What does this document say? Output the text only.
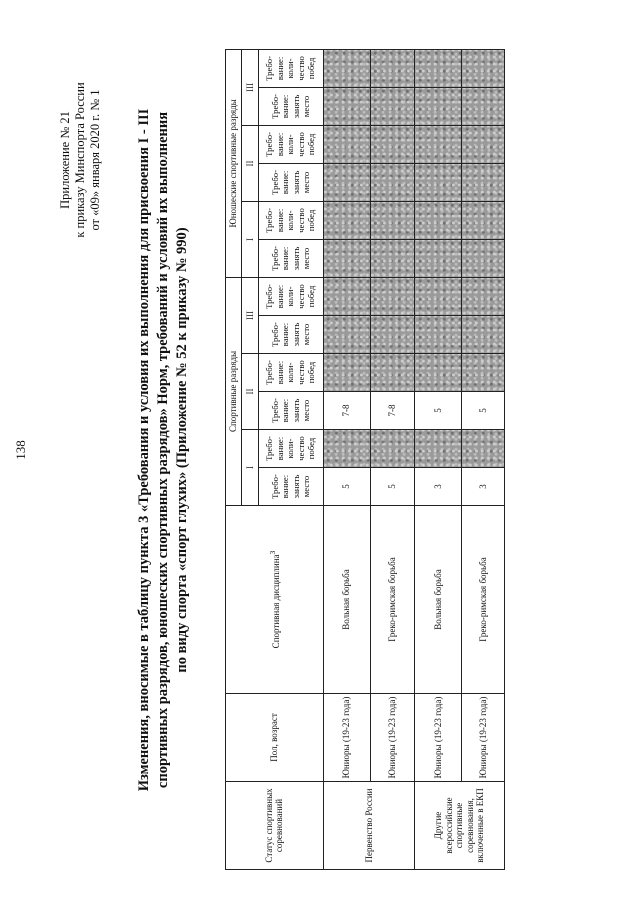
138
Приложение № 21 к приказу Минспорта России от «09» января 2020 г. № 1 Изменения, вносимые в таблицу пункта 3 «Требования и условия их выполнения для присвоения I - III спортивных разрядов, юношеских спортивных разрядов» Норм, требований и условий их выполнения по виду спорта «спорт глухих» (Приложение № 52 к приказу № 990)
Статус спортивных соревнований	Пол, возраст	Спортивная дисциплина$^3$	Спортивные разряды						Юношеские спортивные разряды					
			I		II		III		I		II		III	
			Требо-вание: занять место	Требо-вание: коли-чество побед	Требо-вание: занять место	Требо-вание: коли-чество побед	Требо-вание: занять место	Требо-вание: коли-чество побед	Требо-вание: занять место	Требо-вание: коли-чество побед	Требо-вание: занять место	Требо-вание: коли-чество побед	Требо-вание: занять место	Требо-вание: коли-чество побед
Первенство России	Юниоры (19-23 года)	Вольная борьба	5		7-8									
	Юниоры (19-23 года)	Греко-римская борьба	5		7-8									
Другие всероссийские спортивные соревнования, включенные в ЕКП	Юниоры (19-23 года)	Вольная борьба	3		5									
	Юниоры (19-23 года)	Греко-римская борьба	3		5									
